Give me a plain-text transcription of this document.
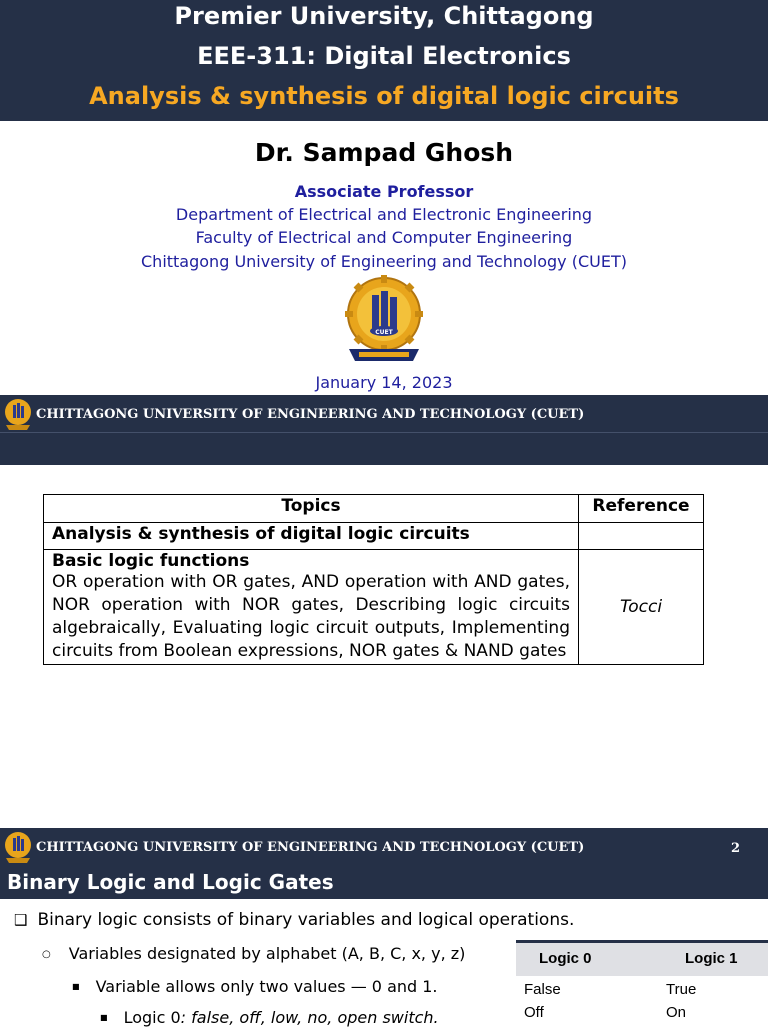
Premier University, Chittagong
EEE-311: Digital Electronics
Analysis & synthesis of digital logic circuits
Dr. Sampad Ghosh
Associate Professor
Department of Electrical and Electronic Engineering
Faculty of Electrical and Computer Engineering
Chittagong University of Engineering and Technology (CUET)
CUET
January 14, 2023
CHITTAGONG UNIVERSITY OF ENGINEERING AND TECHNOLOGY (CUET)
Topics	Reference
Analysis & synthesis of digital logic circuits	

Basic logic functions
OR operation with OR gates, AND operation with AND gates, NOR operation with NOR gates, Describing logic circuits algebraically, Evaluating logic circuit outputs, Implementing circuits from Boolean expressions, NOR gates & NAND gates	Tocci
CHITTAGONG UNIVERSITY OF ENGINEERING AND TECHNOLOGY (CUET)	2
Binary Logic and Logic Gates
❑ Binary logic consists of binary variables and logical operations.
○ Variables designated by alphabet (A, B, C, x, y, z)
■ Variable allows only two values — 0 and 1.
■ Logic 0: false, off, low, no, open switch.
Logic 0	Logic 1
False	True
Off	On
